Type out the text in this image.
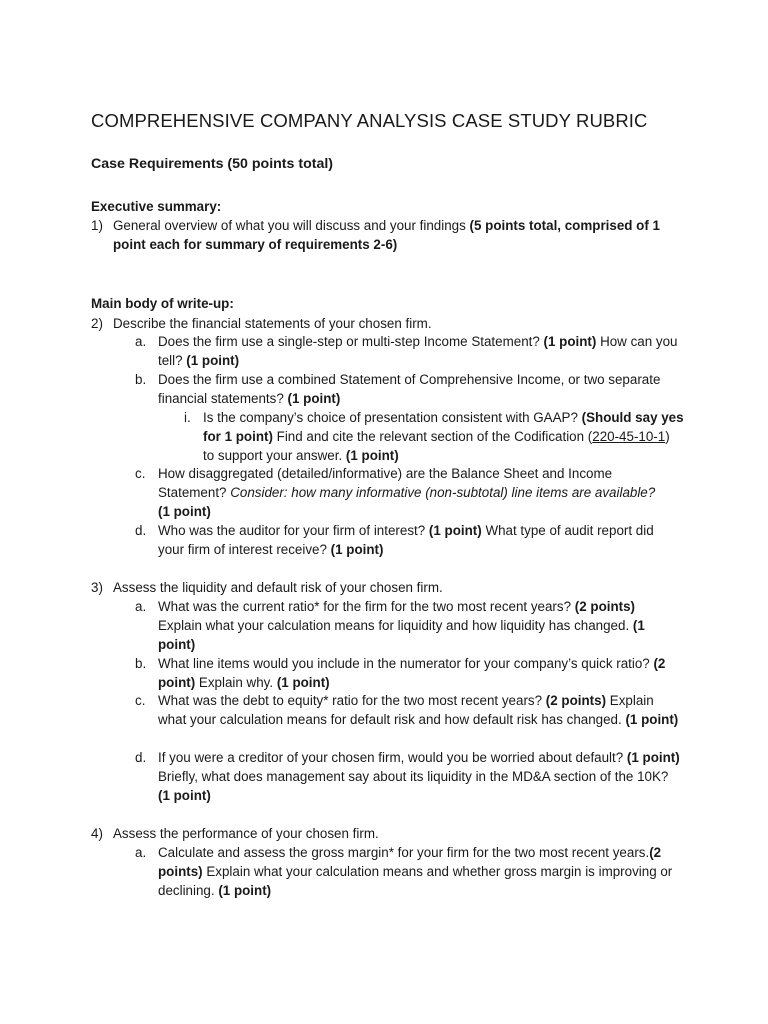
COMPREHENSIVE COMPANY ANALYSIS CASE STUDY RUBRIC
Case Requirements (50 points total)
Executive summary:
1) General overview of what you will discuss and your findings (5 points total, comprised of 1 point each for summary of requirements 2-6)
Main body of write-up:
2) Describe the financial statements of your chosen firm.
a. Does the firm use a single-step or multi-step Income Statement? (1 point) How can you tell? (1 point)
b. Does the firm use a combined Statement of Comprehensive Income, or two separate financial statements? (1 point)
i. Is the company’s choice of presentation consistent with GAAP? (Should say yes for 1 point) Find and cite the relevant section of the Codification (220-45-10-1) to support your answer. (1 point)
c. How disaggregated (detailed/informative) are the Balance Sheet and Income Statement? Consider: how many informative (non-subtotal) line items are available?
(1 point)
d. Who was the auditor for your firm of interest? (1 point) What type of audit report did your firm of interest receive? (1 point)
3) Assess the liquidity and default risk of your chosen firm.
a. What was the current ratio* for the firm for the two most recent years? (2 points) Explain what your calculation means for liquidity and how liquidity has changed. (1 point)
b. What line items would you include in the numerator for your company’s quick ratio? (2 point) Explain why. (1 point)
c. What was the debt to equity* ratio for the two most recent years? (2 points) Explain what your calculation means for default risk and how default risk has changed. (1 point)
d. If you were a creditor of your chosen firm, would you be worried about default? (1 point) Briefly, what does management say about its liquidity in the MD&A section of the 10K? (1 point)
4) Assess the performance of your chosen firm.
a. Calculate and assess the gross margin* for your firm for the two most recent years.(2 points) Explain what your calculation means and whether gross margin is improving or declining. (1 point)
